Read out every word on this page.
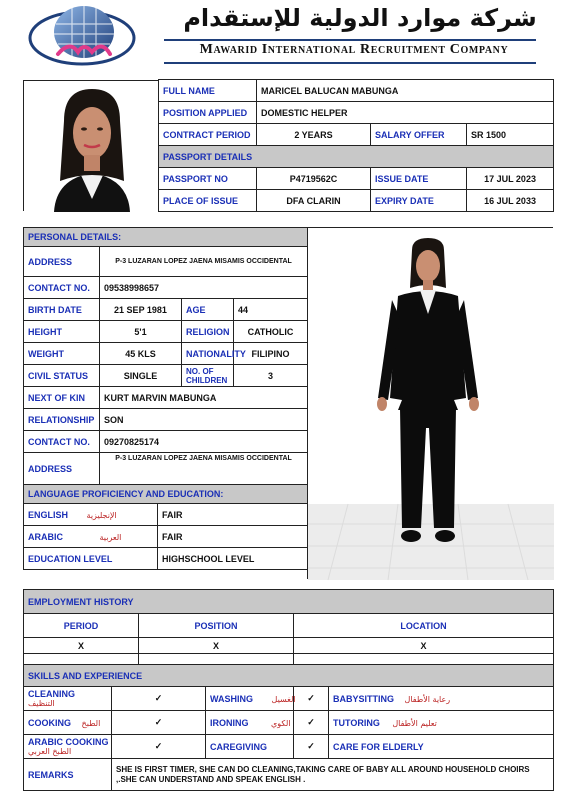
شركة موارد الدولية للإستقدام
Mawarid International Recruitment Company
FULL NAME	MARICEL BALUCAN MABUNGA		
POSITION APPLIED	DOMESTIC HELPER		
CONTRACT PERIOD	2 YEARS	SALARY OFFER	SR 1500
PASSPORT DETAILS			
PASSPORT NO	P4719562C	ISSUE DATE	17 JUL 2023
PLACE OF ISSUE	DFA CLARIN	EXPIRY DATE	16 JUL 2033
PERSONAL DETAILS:				
ADDRESS	P-3 LUZARAN LOPEZ JAENA MISAMIS OCCIDENTAL			
CONTACT NO.	09538998657			
BIRTH DATE	21 SEP 1981		AGE	44
HEIGHT	5'1		RELIGION	CATHOLIC
WEIGHT	45 KLS		NATIONALITY	FILIPINO
CIVIL STATUS	SINGLE		NO. OF CHILDREN	3
NEXT OF KIN	KURT MARVIN MABUNGA			
RELATIONSHIP	SON			
CONTACT NO.	09270825174			
ADDRESS	P-3 LUZARAN LOPEZ JAENA MISAMIS OCCIDENTAL			
LANGUAGE PROFICIENCY AND EDUCATION:				
ENGLISH الإنجليزية		FAIR		
ARABIC العربية		FAIR		
EDUCATION LEVEL		HIGHSCHOOL LEVEL		
EMPLOYMENT HISTORY					
PERIOD		POSITION		LOCATION	
X		X		X	

SKILLS AND EXPERIENCE					

CLEANING
التنظيف	✓		WASHING الغسيل	✓	BABYSITTING رعاية الأطفال
COOKING الطبخ	✓		IRONING الكوي	✓	TUTORING تعليم الأطفال

ARABIC COOKING
الطبخ العربي	✓		CAREGIVING	✓	CARE FOR ELDERLY
REMARKS	SHE IS FIRST TIMER, SHE CAN DO CLEANING,TAKING CARE OF BABY ALL AROUND HOUSEHOLD CHOIRS ,.SHE CAN UNDERSTAND AND SPEAK ENGLISH .				
